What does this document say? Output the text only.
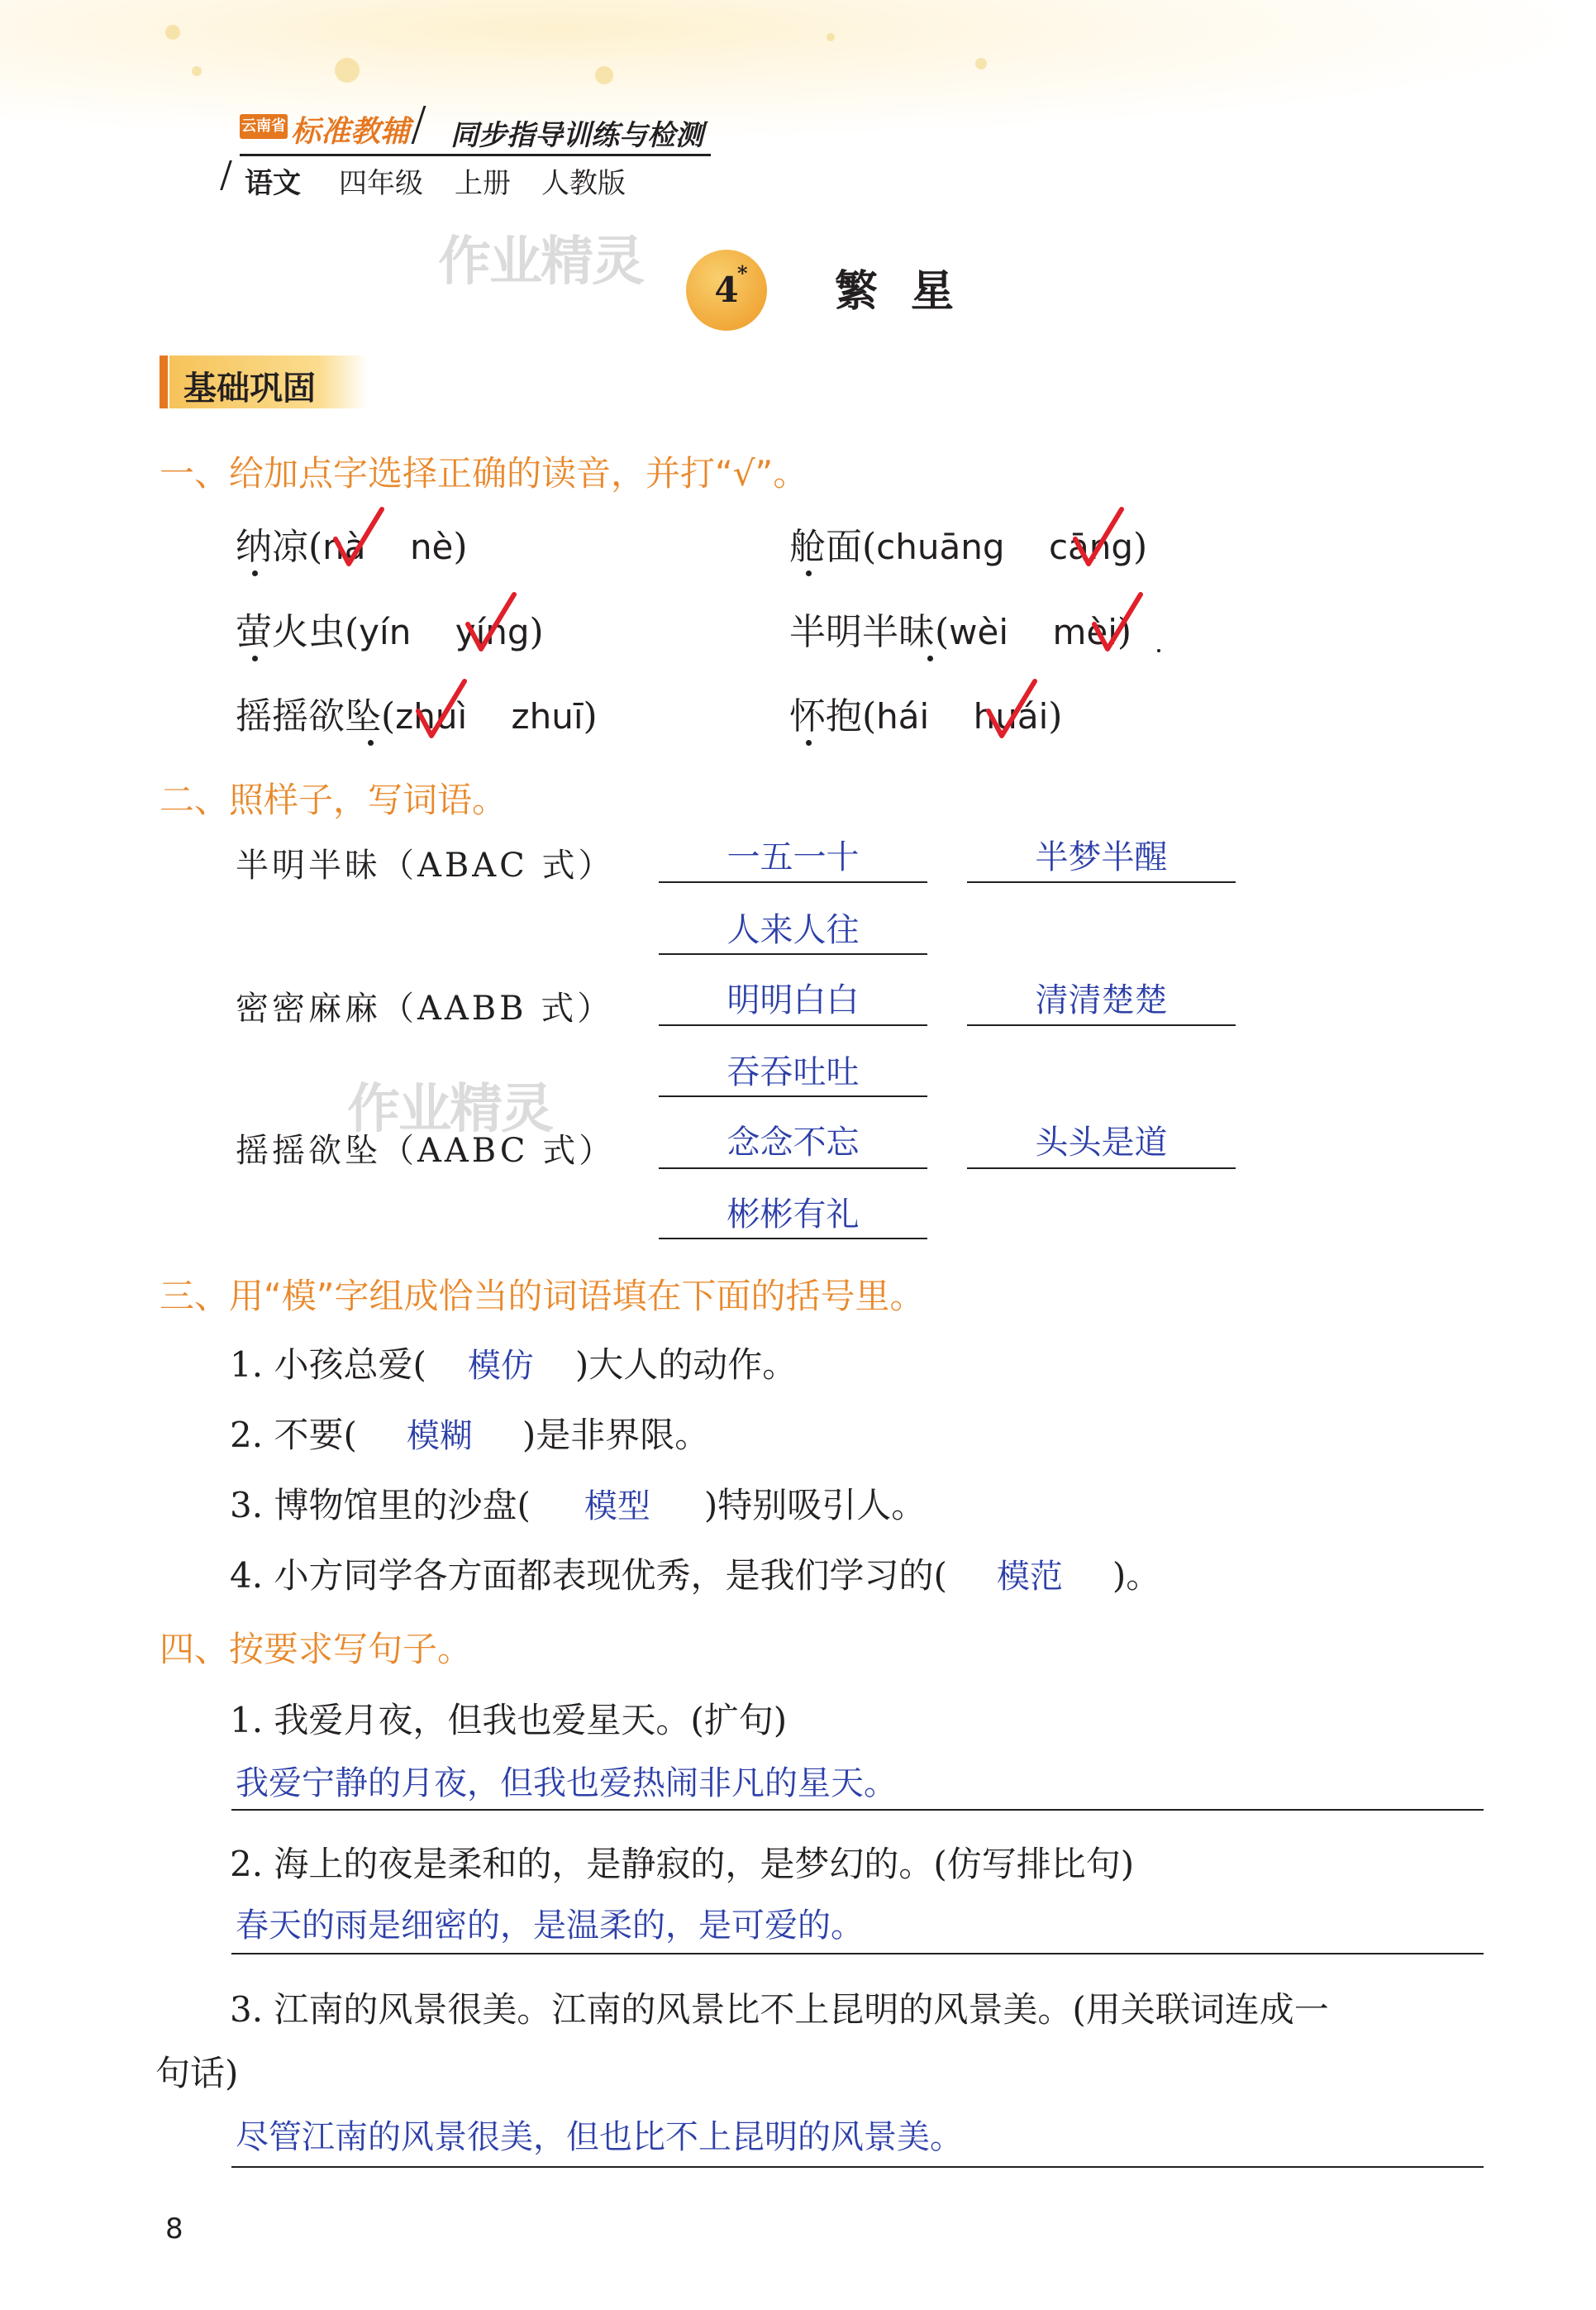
云南省 标准教辅 同步指导训练与检测
语文 四年级 上册 人教版
作业精灵	4
* 繁星
基础巩固
一、给加点字选择正确的读音，并打“√”。
纳凉(nà nè)	舱面(chuāng cāng)
萤火虫(yín yíng)	半明半昧(wèi mèi)
摇摇欲坠(zhuì zhuī)	怀抱(hái huái)
二、照样子，写词语。
半明半昧（ABAC 式）	一五一十	半梦半醒
人来人往
密密麻麻（AABB 式）	明明白白	清清楚楚
吞吞吐吐
作业精灵
摇摇欲坠（AABC 式）	念念不忘	头头是道
彬彬有礼
三、用“模”字组成恰当的词语填在下面的括号里。
1. 小孩总爱( 模仿 )大人的动作。
2. 不要( 模糊 )是非界限。
3. 博物馆里的沙盘( 模型 )特别吸引人。
4. 小方同学各方面都表现优秀，是我们学习的( 模范 )。
四、按要求写句子。
1. 我爱月夜，但我也爱星天。(扩句)
我爱宁静的月夜，但我也爱热闹非凡的星天。
2. 海上的夜是柔和的，是静寂的，是梦幻的。(仿写排比句)
春天的雨是细密的，是温柔的，是可爱的。
3. 江南的风景很美。江南的风景比不上昆明的风景美。(用关联词连成一
句话)
尽管江南的风景很美，但也比不上昆明的风景美。
8
